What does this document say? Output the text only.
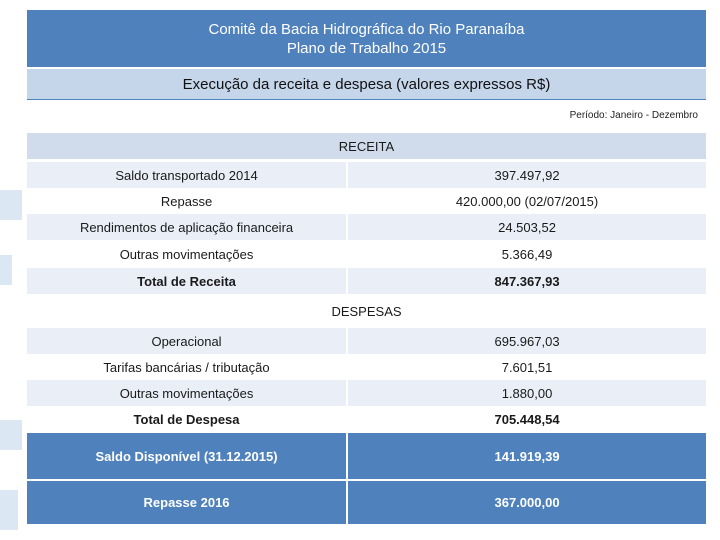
Comitê da Bacia Hidrográfica do Rio Paranaíba
Plano de Trabalho 2015
Execução da receita e despesa (valores expressos R$)
Período: Janeiro - Dezembro
RECEITA
Saldo transportado 2014	397.497,92
Repasse	420.000,00 (02/07/2015)
Rendimentos de aplicação financeira	24.503,52
Outras movimentações	5.366,49
Total de Receita	847.367,93
DESPESAS
Operacional	695.967,03
Tarifas bancárias / tributação	7.601,51
Outras movimentações	1.880,00
Total de Despesa	705.448,54
Saldo Disponível (31.12.2015)	141.919,39
Repasse 2016	367.000,00
